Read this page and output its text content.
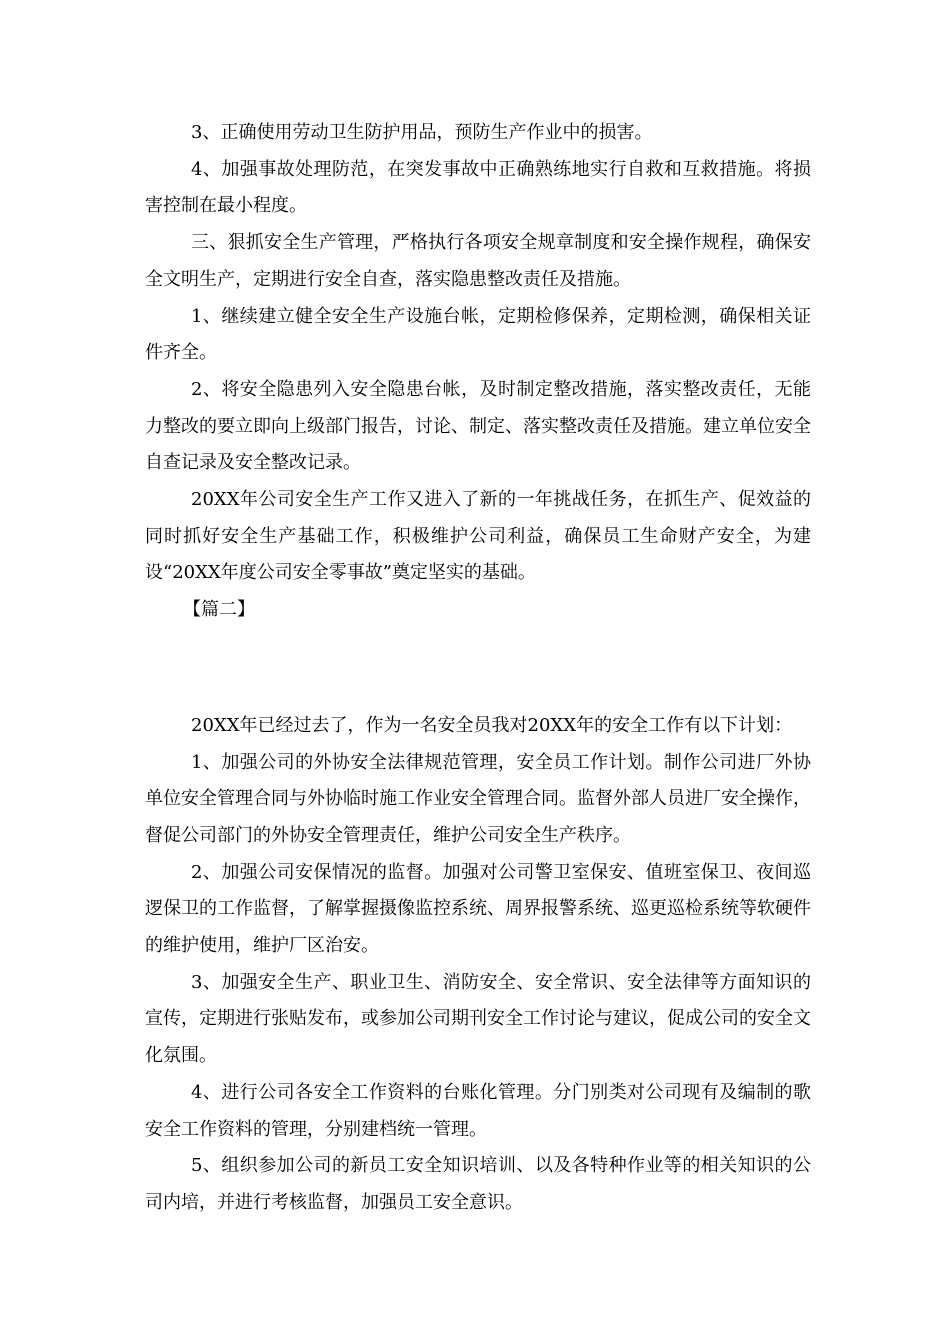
3、正确使用劳动卫生防护用品，预防生产作业中的损害。

4、加强事故处理防范，在突发事故中正确熟练地实行自救和互救措施。将损害控制在最小程度。

三、狠抓安全生产管理，严格执行各项安全规章制度和安全操作规程，确保安全文明生产，定期进行安全自查，落实隐患整改责任及措施。

1、继续建立健全安全生产设施台帐，定期检修保养，定期检测，确保相关证件齐全。

2、将安全隐患列入安全隐患台帐，及时制定整改措施，落实整改责任，无能力整改的要立即向上级部门报告，讨论、制定、落实整改责任及措施。建立单位安全自查记录及安全整改记录。

20XX年公司安全生产工作又进入了新的一年挑战任务，在抓生产、促效益的同时抓好安全生产基础工作，积极维护公司利益，确保员工生命财产安全，为建设“20XX年度公司安全零事故”奠定坚实的基础。

【篇二】

20XX年已经过去了，作为一名安全员我对20XX年的安全工作有以下计划：

1、加强公司的外协安全法律规范管理，安全员工作计划。制作公司进厂外协单位安全管理合同与外协临时施工作业安全管理合同。监督外部人员进厂安全操作，督促公司部门的外协安全管理责任，维护公司安全生产秩序。

2、加强公司安保情况的监督。加强对公司警卫室保安、值班室保卫、夜间巡逻保卫的工作监督，了解掌握摄像监控系统、周界报警系统、巡更巡检系统等软硬件的维护使用，维护厂区治安。

3、加强安全生产、职业卫生、消防安全、安全常识、安全法律等方面知识的宣传，定期进行张贴发布，或参加公司期刊安全工作讨论与建议，促成公司的安全文化氛围。

4、进行公司各安全工作资料的台账化管理。分门别类对公司现有及编制的歌安全工作资料的管理，分别建档统一管理。

5、组织参加公司的新员工安全知识培训、以及各特种作业等的相关知识的公司内培，并进行考核监督，加强员工安全意识。
